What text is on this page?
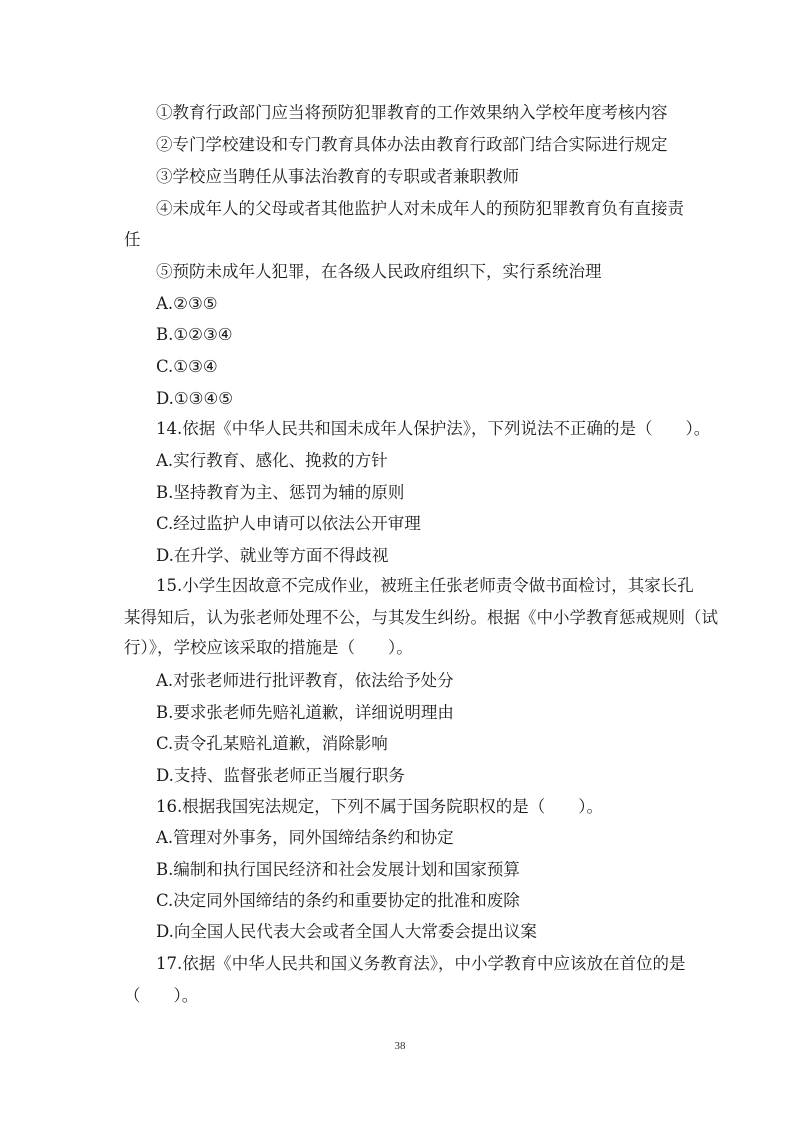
①教育行政部门应当将预防犯罪教育的工作效果纳入学校年度考核内容
②专门学校建设和专门教育具体办法由教育行政部门结合实际进行规定
③学校应当聘任从事法治教育的专职或者兼职教师
④未成年人的父母或者其他监护人对未成年人的预防犯罪教育负有直接责
任
⑤预防未成年人犯罪，在各级人民政府组织下，实行系统治理
A.②③⑤
B.①②③④
C.①③④
D.①③④⑤
14.依据《中华人民共和国未成年人保护法》，下列说法不正确的是（　　）。
A.实行教育、感化、挽救的方针
B.坚持教育为主、惩罚为辅的原则
C.经过监护人申请可以依法公开审理
D.在升学、就业等方面不得歧视
15.小学生因故意不完成作业，被班主任张老师责令做书面检讨，其家长孔
某得知后，认为张老师处理不公，与其发生纠纷。根据《中小学教育惩戒规则（试
行）》，学校应该采取的措施是（　　）。
A.对张老师进行批评教育，依法给予处分
B.要求张老师先赔礼道歉，详细说明理由
C.责令孔某赔礼道歉，消除影响
D.支持、监督张老师正当履行职务
16.根据我国宪法规定，下列不属于国务院职权的是（　　）。
A.管理对外事务，同外国缔结条约和协定
B.编制和执行国民经济和社会发展计划和国家预算
C.决定同外国缔结的条约和重要协定的批准和废除
D.向全国人民代表大会或者全国人大常委会提出议案
17.依据《中华人民共和国义务教育法》，中小学教育中应该放在首位的是
（　　）。
38
